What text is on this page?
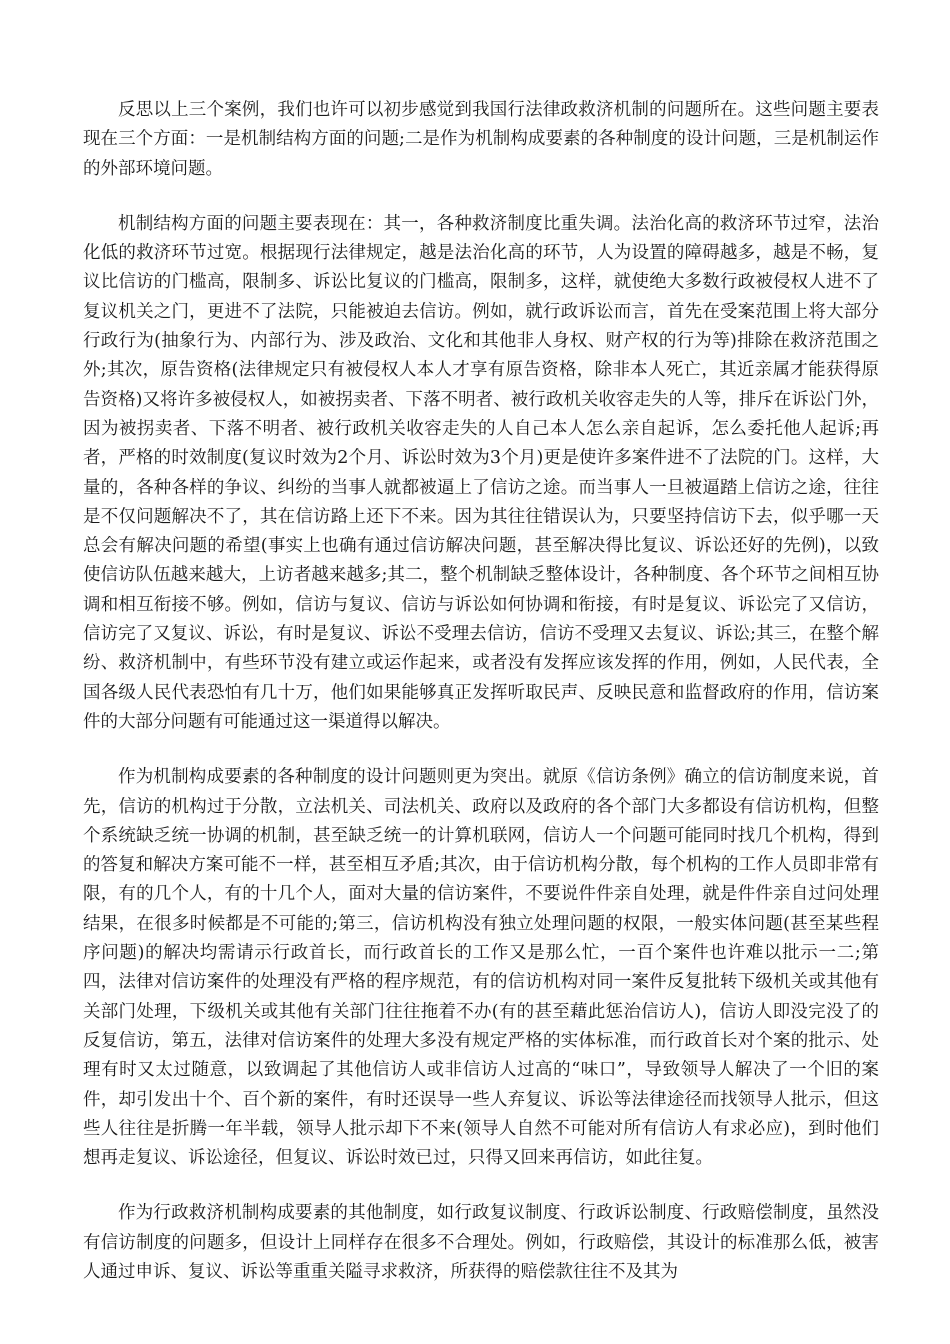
反思以上三个案例，我们也许可以初步感觉到我国行法律政救济机制的问题所在。这些问题主要表现在三个方面：一是机制结构方面的问题;二是作为机制构成要素的各种制度的设计问题，三是机制运作的外部环境问题。

机制结构方面的问题主要表现在：其一，各种救济制度比重失调。法治化高的救济环节过窄，法治化低的救济环节过宽。根据现行法律规定，越是法治化高的环节，人为设置的障碍越多，越是不畅，复议比信访的门槛高，限制多、诉讼比复议的门槛高，限制多，这样，就使绝大多数行政被侵权人进不了复议机关之门，更进不了法院，只能被迫去信访。例如，就行政诉讼而言，首先在受案范围上将大部分行政行为(抽象行为、内部行为、涉及政治、文化和其他非人身权、财产权的行为等)排除在救济范围之外;其次，原告资格(法律规定只有被侵权人本人才享有原告资格，除非本人死亡，其近亲属才能获得原告资格)又将许多被侵权人，如被拐卖者、下落不明者、被行政机关收容走失的人等，排斥在诉讼门外，因为被拐卖者、下落不明者、被行政机关收容走失的人自己本人怎么亲自起诉，怎么委托他人起诉;再者，严格的时效制度(复议时效为2个月、诉讼时效为3个月)更是使许多案件进不了法院的门。这样，大量的，各种各样的争议、纠纷的当事人就都被逼上了信访之途。而当事人一旦被逼踏上信访之途，往往是不仅问题解决不了，其在信访路上还下不来。因为其往往错误认为，只要坚持信访下去，似乎哪一天总会有解决问题的希望(事实上也确有通过信访解决问题，甚至解决得比复议、诉讼还好的先例)，以致使信访队伍越来越大，上访者越来越多;其二，整个机制缺乏整体设计，各种制度、各个环节之间相互协调和相互衔接不够。例如，信访与复议、信访与诉讼如何协调和衔接，有时是复议、诉讼完了又信访，信访完了又复议、诉讼，有时是复议、诉讼不受理去信访，信访不受理又去复议、诉讼;其三，在整个解纷、救济机制中，有些环节没有建立或运作起来，或者没有发挥应该发挥的作用，例如，人民代表，全国各级人民代表恐怕有几十万，他们如果能够真正发挥听取民声、反映民意和监督政府的作用，信访案件的大部分问题有可能通过这一渠道得以解决。

作为机制构成要素的各种制度的设计问题则更为突出。就原《信访条例》确立的信访制度来说，首先，信访的机构过于分散，立法机关、司法机关、政府以及政府的各个部门大多都设有信访机构，但整个系统缺乏统一协调的机制，甚至缺乏统一的计算机联网，信访人一个问题可能同时找几个机构，得到的答复和解决方案可能不一样，甚至相互矛盾;其次，由于信访机构分散，每个机构的工作人员即非常有限，有的几个人，有的十几个人，面对大量的信访案件，不要说件件亲自处理，就是件件亲自过问处理结果，在很多时候都是不可能的;第三，信访机构没有独立处理问题的权限，一般实体问题(甚至某些程序问题)的解决均需请示行政首长，而行政首长的工作又是那么忙，一百个案件也许难以批示一二;第四，法律对信访案件的处理没有严格的程序规范，有的信访机构对同一案件反复批转下级机关或其他有关部门处理，下级机关或其他有关部门往往拖着不办(有的甚至藉此惩治信访人)，信访人即没完没了的反复信访，第五，法律对信访案件的处理大多没有规定严格的实体标准，而行政首长对个案的批示、处理有时又太过随意，以致调起了其他信访人或非信访人过高的“味口”，导致领导人解决了一个旧的案件，却引发出十个、百个新的案件，有时还误导一些人弃复议、诉讼等法律途径而找领导人批示，但这些人往往是折腾一年半载，领导人批示却下不来(领导人自然不可能对所有信访人有求必应)，到时他们想再走复议、诉讼途径，但复议、诉讼时效已过，只得又回来再信访，如此往复。

作为行政救济机制构成要素的其他制度，如行政复议制度、行政诉讼制度、行政赔偿制度，虽然没有信访制度的问题多，但设计上同样存在很多不合理处。例如，行政赔偿，其设计的标准那么低，被害人通过申诉、复议、诉讼等重重关隘寻求救济，所获得的赔偿款往往不及其为
